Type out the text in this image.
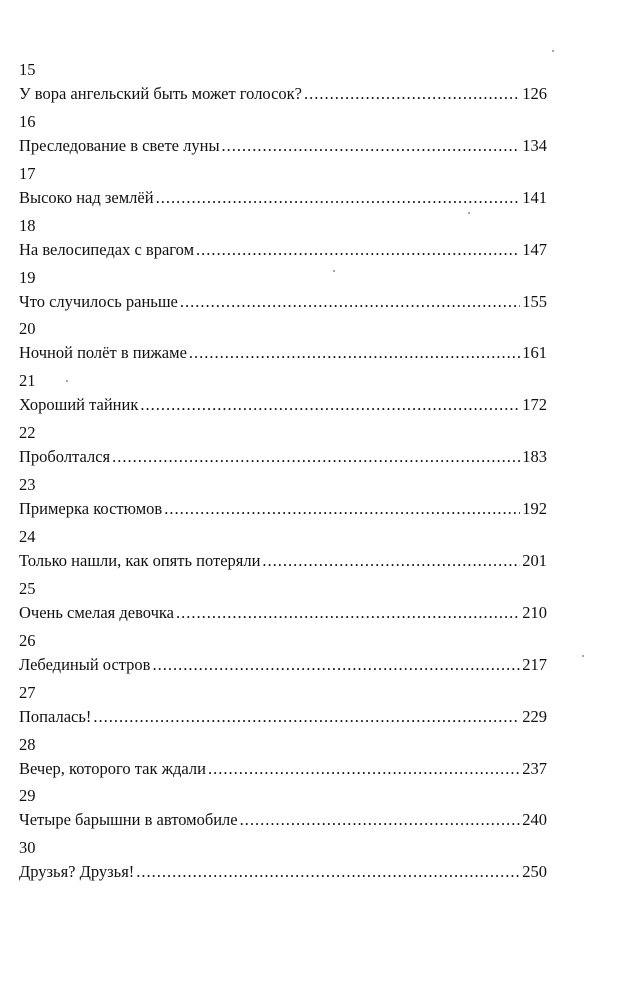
15
У вора ангельский быть может голосок? .....	126
16
Преследование в свете луны .....	134
17
Высоко над землёй .....	141
18
На велосипедах с врагом .....	147
19
Что случилось раньше .....	155
20
Ночной полёт в пижаме .....	161
21
Хороший тайник .....	172
22
Проболтался .....	183
23
Примерка костюмов .....	192
24
Только нашли, как опять потеряли .....	201
25
Очень смелая девочка .....	210
26
Лебединый остров .....	217
27
Попалась! .....	229
28
Вечер, которого так ждали .....	237
29
Четыре барышни в автомобиле .....	240
30
Друзья? Друзья! .....	250
